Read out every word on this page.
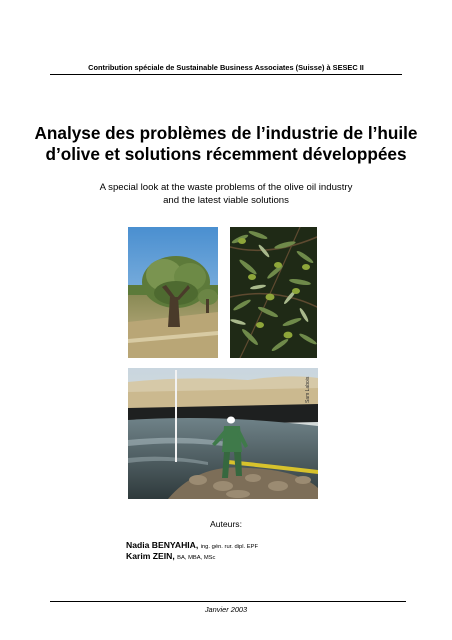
Contribution spéciale de Sustainable Business Associates (Suisse) à SESEC II
Analyse des problèmes de l’industrie de l’huile
d’olive et solutions récemment développées
A special look at the waste problems of the olive oil industry
and the latest viable solutions
Sam Labois
Auteurs:
Nadia BENYAHIA, ing. gén. rur. dipl. EPF
Karim ZEIN, BA, MBA, MSc
Janvier 2003
